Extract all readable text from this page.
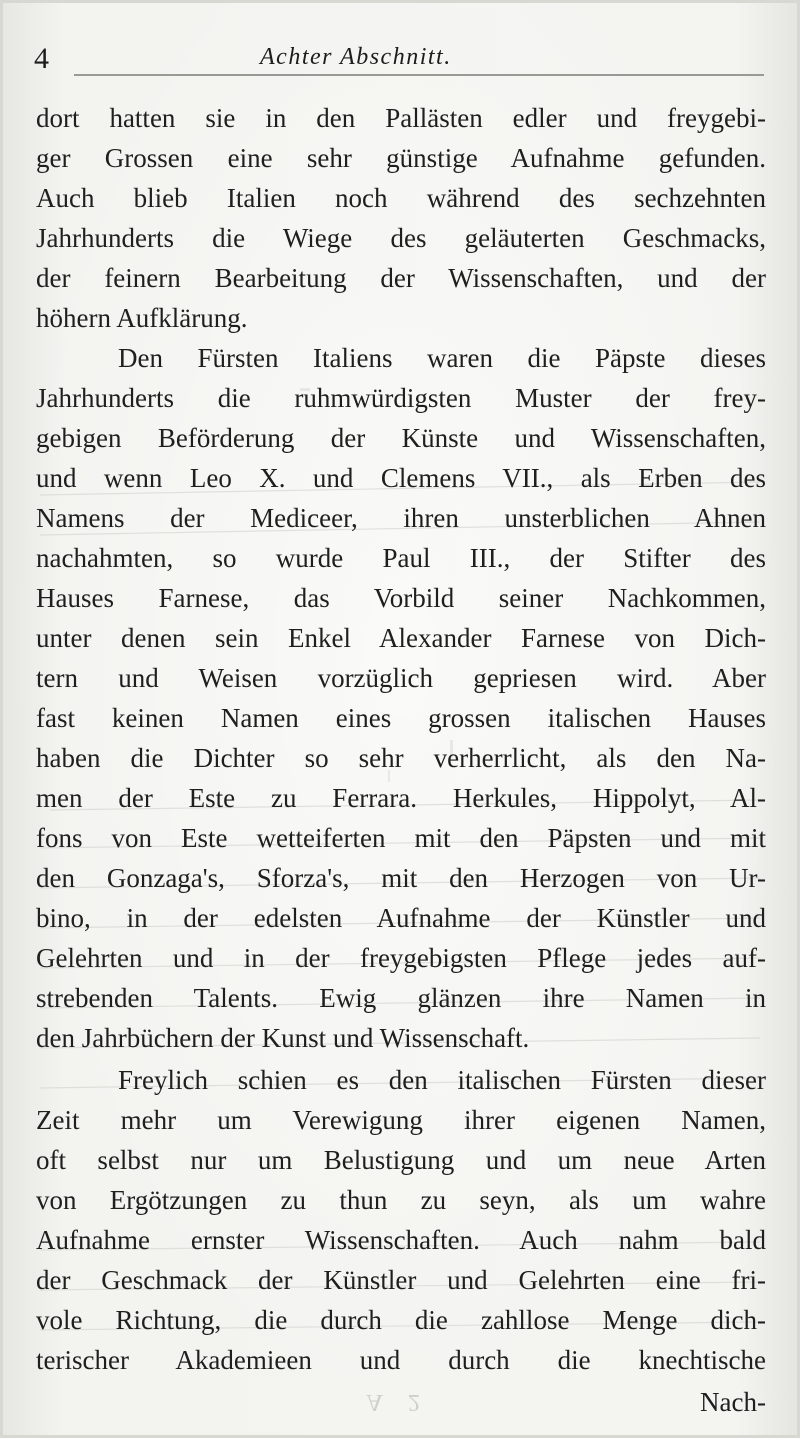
4	Achter Abschnitt.
dort hatten sie in den Pallästen edler und freygebi-
ger Grossen eine sehr günstige Aufnahme gefunden.
Auch blieb Italien noch während des sechzehnten
Jahrhunderts die Wiege des geläuterten Geschmacks,
der feinern Bearbeitung der Wissenschaften, und der
höhern Aufklärung.
Den Fürsten Italiens waren die Päpste dieses
Jahrhunderts die ruhmwürdigsten Muster der frey-
gebigen Beförderung der Künste und Wissenschaften,
und wenn Leo X. und Clemens VII., als Erben des
Namens der Mediceer, ihren unsterblichen Ahnen
nachahmten, so wurde Paul III., der Stifter des
Hauses Farnese, das Vorbild seiner Nachkommen,
unter denen sein Enkel Alexander Farnese von Dich-
tern und Weisen vorzüglich gepriesen wird. Aber
fast keinen Namen eines grossen italischen Hauses
haben die Dichter so sehr verherrlicht, als den Na-
men der Este zu Ferrara. Herkules, Hippolyt, Al-
fons von Este wetteiferten mit den Päpsten und mit
den Gonzaga's, Sforza's, mit den Herzogen von Ur-
bino, in der edelsten Aufnahme der Künstler und
Gelehrten und in der freygebigsten Pflege jedes auf-
strebenden Talents. Ewig glänzen ihre Namen in
den Jahrbüchern der Kunst und Wissenschaft.
Freylich schien es den italischen Fürsten dieser
Zeit mehr um Verewigung ihrer eigenen Namen,
oft selbst nur um Belustigung und um neue Arten
von Ergötzungen zu thun zu seyn, als um wahre
Aufnahme ernster Wissenschaften. Auch nahm bald
der Geschmack der Künstler und Gelehrten eine fri-
vole Richtung, die durch die zahllose Menge dich-
terischer Akademieen und durch die knechtische
A 2	Nach-
